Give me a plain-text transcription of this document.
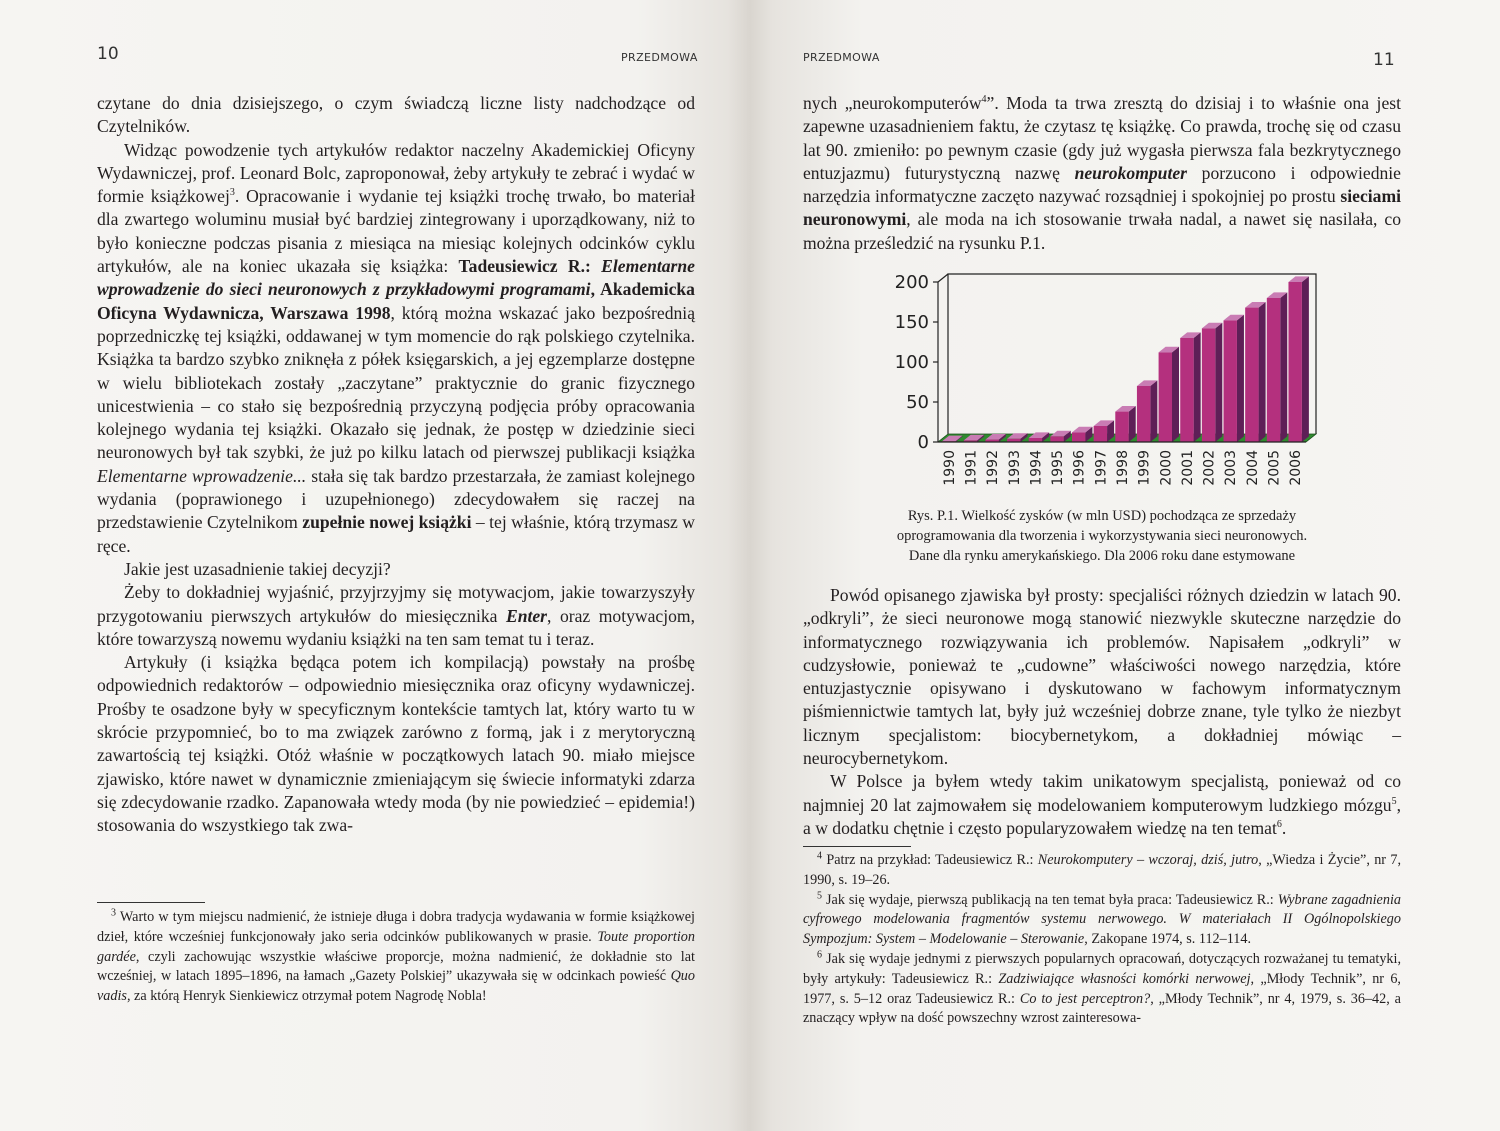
10	PRZEDMOWA

czytane do dnia dzisiejszego, o czym świadczą liczne listy nadchodzące od Czytelników.

Widząc powodzenie tych artykułów redaktor naczelny Akademickiej Oficyny Wydawniczej, prof. Leonard Bolc, zaproponował, żeby artykuły te zebrać i wydać w formie książkowej$^3$. Opracowanie i wydanie tej książki trochę trwało, bo materiał dla zwartego woluminu musiał być bardziej zintegrowany i uporządkowany, niż to było konieczne podczas pisania z miesiąca na miesiąc kolejnych odcinków cyklu artykułów, ale na koniec ukazała się książka: Tadeusiewicz R.: Elementarne wprowadzenie do sieci neuronowych z przykładowymi programami, Akademicka Oficyna Wydawnicza, Warszawa 1998, którą można wskazać jako bezpośrednią poprzedniczkę tej książki, oddawanej w tym momencie do rąk polskiego czytelnika. Książka ta bardzo szybko zniknęła z półek księgarskich, a jej egzemplarze dostępne w wielu bibliotekach zostały „zaczytane” praktycznie do granic fizycznego unicestwienia – co stało się bezpośrednią przyczyną podjęcia próby opracowania kolejnego wydania tej książki. Okazało się jednak, że postęp w dziedzinie sieci neuronowych był tak szybki, że już po kilku latach od pierwszej publikacji książka Elementarne wprowadzenie... stała się tak bardzo przestarzała, że zamiast kolejnego wydania (poprawionego i uzupełnionego) zdecydowałem się raczej na przedstawienie Czytelnikom zupełnie nowej książki – tej właśnie, którą trzymasz w ręce.

Jakie jest uzasadnienie takiej decyzji?

Żeby to dokładniej wyjaśnić, przyjrzyjmy się motywacjom, jakie towarzyszyły przygotowaniu pierwszych artykułów do miesięcznika Enter, oraz motywacjom, które towarzyszą nowemu wydaniu książki na ten sam temat tu i teraz.

Artykuły (i książka będąca potem ich kompilacją) powstały na prośbę odpowiednich redaktorów – odpowiednio miesięcznika oraz oficyny wydawniczej. Prośby te osadzone były w specyficznym kontekście tamtych lat, który warto tu w skrócie przypomnieć, bo to ma związek zarówno z formą, jak i z merytoryczną zawartością tej książki. Otóż właśnie w początkowych latach 90. miało miejsce zjawisko, które nawet w dynamicznie zmieniającym się świecie informatyki zdarza się zdecydowanie rzadko. Zapanowała wtedy moda (by nie powiedzieć – epidemia!) stosowania do wszystkiego tak zwa-

$^3$ Warto w tym miejscu nadmienić, że istnieje długa i dobra tradycja wydawania w formie książkowej dzieł, które wcześniej funkcjonowały jako seria odcinków publikowanych w prasie. Toute proportion gardée, czyli zachowując wszystkie właściwe proporcje, można nadmienić, że dokładnie sto lat wcześniej, w latach 1895–1896, na łamach „Gazety Polskiej” ukazywała się w odcinkach powieść Quo vadis, za którą Henryk Sienkiewicz otrzymał potem Nagrodę Nobla!

PRZEDMOWA	11

nych „neurokomputerów$^4$”. Moda ta trwa zresztą do dzisiaj i to właśnie ona jest zapewne uzasadnieniem faktu, że czytasz tę książkę. Co prawda, trochę się od czasu lat 90. zmieniło: po pewnym czasie (gdy już wygasła pierwsza fala bezkrytycznego entuzjazmu) futurystyczną nazwę neurokomputer porzucono i odpowiednie narzędzia informatyczne zaczęto nazywać rozsądniej i spokojniej po prostu sieciami neuronowymi, ale moda na ich stosowanie trwała nadal, a nawet się nasilała, co można prześledzić na rysunku P.1.

0
50
100
150
200
1990 1991 1992 1993 1994 1995 1996 1997 1998 1999 2000 2001 2002 2003 2004 2005 2006
Rys. P.1. Wielkość zysków (w mln USD) pochodząca ze sprzedaży
oprogramowania dla tworzenia i wykorzystywania sieci neuronowych.
Dane dla rynku amerykańskiego. Dla 2006 roku dane estymowane

Powód opisanego zjawiska był prosty: specjaliści różnych dziedzin w latach 90. „odkryli”, że sieci neuronowe mogą stanowić niezwykle skuteczne narzędzie do informatycznego rozwiązywania ich problemów. Napisałem „odkryli” w cudzysłowie, ponieważ te „cudowne” właściwości nowego narzędzia, które entuzjastycznie opisywano i dyskutowano w fachowym informatycznym piśmiennictwie tamtych lat, były już wcześniej dobrze znane, tyle tylko że niezbyt licznym specjalistom: biocybernetykom, a dokładniej mówiąc – neurocybernetykom.

W Polsce ja byłem wtedy takim unikatowym specjalistą, ponieważ od co najmniej 20 lat zajmowałem się modelowaniem komputerowym ludzkiego mózgu$^5$, a w dodatku chętnie i często popularyzowałem wiedzę na ten temat$^6$.

$^4$ Patrz na przykład: Tadeusiewicz R.: Neurokomputery – wczoraj, dziś, jutro, „Wiedza i Życie”, nr 7, 1990, s. 19–26.

$^5$ Jak się wydaje, pierwszą publikacją na ten temat była praca: Tadeusiewicz R.: Wybrane zagadnienia cyfrowego modelowania fragmentów systemu nerwowego. W materiałach II Ogólnopolskiego Sympozjum: System – Modelowanie – Sterowanie, Zakopane 1974, s. 112–114.

$^6$ Jak się wydaje jednymi z pierwszych popularnych opracowań, dotyczących rozważanej tu tematyki, były artykuły: Tadeusiewicz R.: Zadziwiające własności komórki nerwowej, „Młody Technik”, nr 6, 1977, s. 5–12 oraz Tadeusiewicz R.: Co to jest perceptron?, „Młody Technik”, nr 4, 1979, s. 36–42, a znaczący wpływ na dość powszechny wzrost zainteresowa-
